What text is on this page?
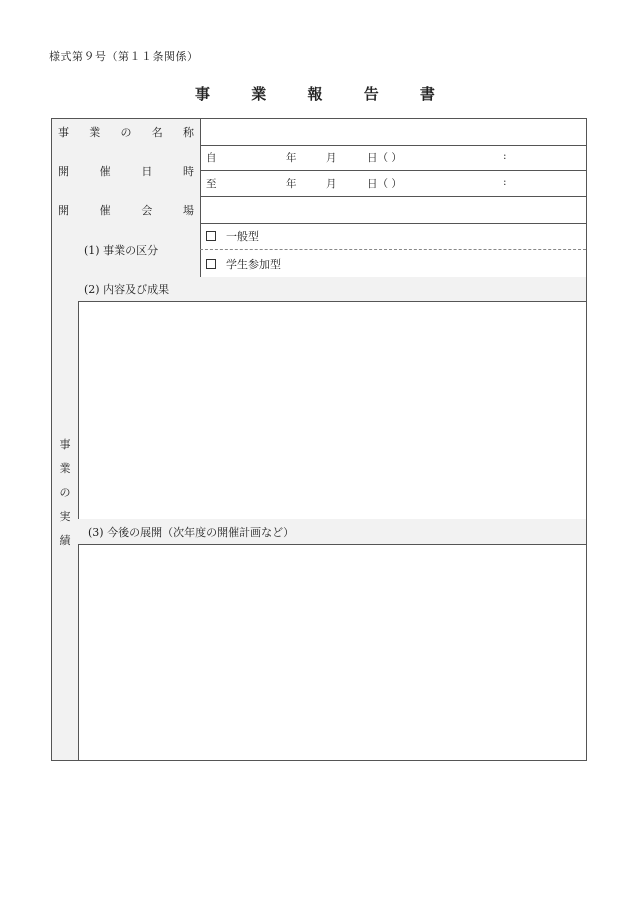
様式第９号（第１１条関係）
事 業 報 告 書
事 業 の 名 称
開	催	日	時
自	年	月	日（ ）	:
至	年	月	日（ ）	:
開	催	会	場
事
業
の
実
績
(1) 事業の区分
一般型
学生参加型
(2) 内容及び成果
(3) 今後の展開（次年度の開催計画など）
